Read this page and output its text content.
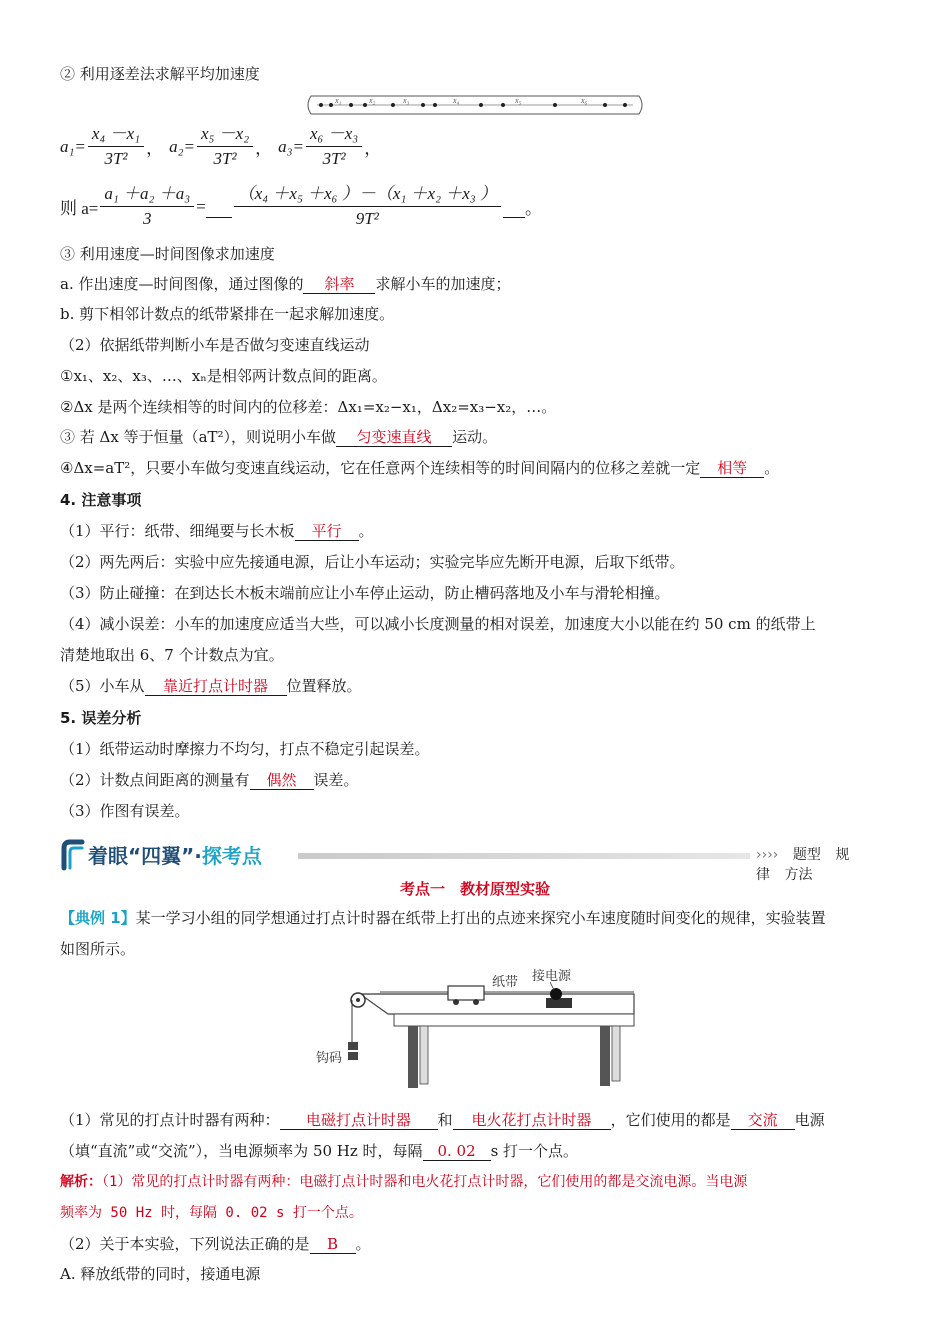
② 利用逐差法求解平均加速度
x₁	x₂	x₃	x₄	x₅	x₆
$a_1= \frac{\text{x₄ －x₁}}{\text{3T²}}$ ， $a_2= \frac{\text{x₅ －x₂}}{\text{3T²}}$ ， $a_3= \frac{\text{x₆ －x₃}}{\text{3T²}}$ ，
则 $a= \frac{\text{a₁ ＋a₂ ＋a₃}}{3} = \frac{\text{（x₄ ＋x₅ ＋x₆ ）－（x₁ ＋x₂ ＋x₃ ）}}{\text{9T²}}$ 。
③ 利用速度—时间图像求加速度
a. 作出速度—时间图像，通过图像的 斜率 求解小车的加速度；
b. 剪下相邻计数点的纸带紧排在一起求解加速度。
（2）依据纸带判断小车是否做匀变速直线运动
①x₁、x₂、x₃、…、xₙ是相邻两计数点间的距离。
②Δx 是两个连续相等的时间内的位移差：Δx₁=x₂−x₁，Δx₂=x₃−x₂，…。
③ 若 Δx 等于恒量（aT²），则说明小车做 匀变速直线 运动。
④Δx=aT²，只要小车做匀变速直线运动，它在任意两个连续相等的时间间隔内的位移之差就一定 相等 。
4. 注意事项
（1）平行：纸带、细绳要与长木板 平行 。
（2）两先两后：实验中应先接通电源，后让小车运动；实验完毕应先断开电源，后取下纸带。
（3）防止碰撞：在到达长木板末端前应让小车停止运动，防止槽码落地及小车与滑轮相撞。
（4）减小误差：小车的加速度应适当大些，可以减小长度测量的相对误差，加速度大小以能在约 50 cm 的纸带上
清楚地取出 6、7 个计数点为宜。
（5）小车从 靠近打点计时器 位置释放。
5. 误差分析
（1）纸带运动时摩擦力不均匀，打点不稳定引起误差。
（2）计数点间距离的测量有 偶然 误差。
（3）作图有误差。
着眼“四翼”·探考点	›››› 题型 规律 方法
考点一　教材原型实验
【典例 1】某一学习小组的同学想通过打点计时器在纸带上打出的点迹来探究小车速度随时间变化的规律，实验装置
如图所示。
纸带 接电源
钩码
（1）常见的打点计时器有两种： 电磁打点计时器 和 电火花打点计时器 ，它们使用的都是 交流 电源
（填“直流”或“交流”），当电源频率为 50 Hz 时，每隔 0. 02 s 打一个点。
解析：（1）常见的打点计时器有两种：电磁打点计时器和电火花打点计时器，它们使用的都是交流电源。当电源
频率为 50 Hz 时，每隔 0. 02 s 打一个点。
（2）关于本实验，下列说法正确的是 B 。
A. 释放纸带的同时，接通电源
